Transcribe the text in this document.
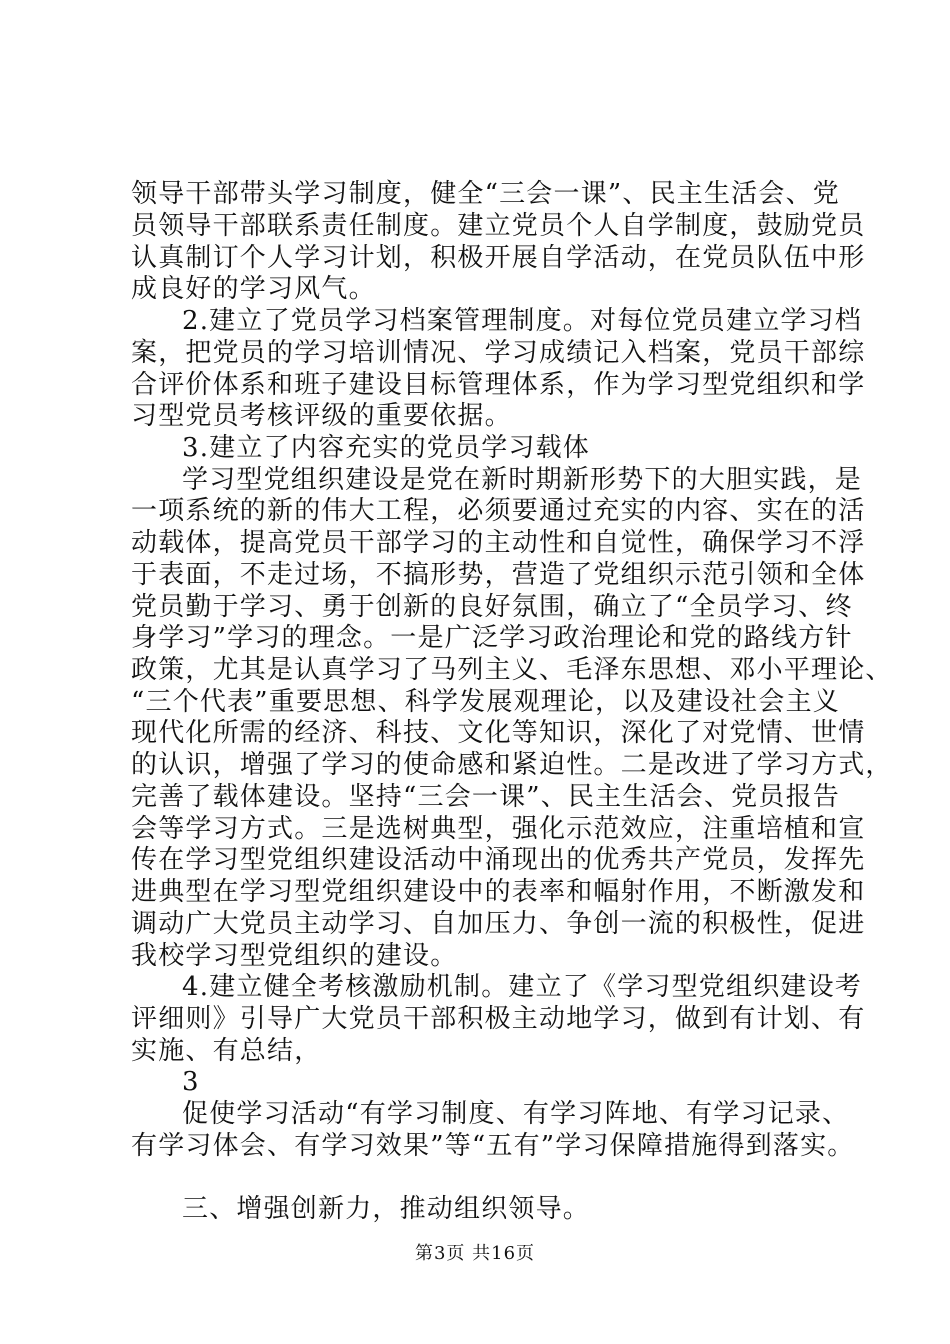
领导干部带头学习制度，健全“三会一课”、民主生活会、党
员领导干部联系责任制度。建立党员个人自学制度，鼓励党员
认真制订个人学习计划，积极开展自学活动，在党员队伍中形
成良好的学习风气。
2.建立了党员学习档案管理制度。对每位党员建立学习档
案，把党员的学习培训情况、学习成绩记入档案，党员干部综
合评价体系和班子建设目标管理体系，作为学习型党组织和学
习型党员考核评级的重要依据。
3.建立了内容充实的党员学习载体
学习型党组织建设是党在新时期新形势下的大胆实践，是
一项系统的新的伟大工程，必须要通过充实的内容、实在的活
动载体，提高党员干部学习的主动性和自觉性，确保学习不浮
于表面，不走过场，不搞形势，营造了党组织示范引领和全体
党员勤于学习、勇于创新的良好氛围，确立了“全员学习、终
身学习”学习的理念。一是广泛学习政治理论和党的路线方针
政策，尤其是认真学习了马列主义、毛泽东思想、邓小平理论、
“三个代表”重要思想、科学发展观理论，以及建设社会主义
现代化所需的经济、科技、文化等知识，深化了对党情、世情
的认识，增强了学习的使命感和紧迫性。二是改进了学习方式，
完善了载体建设。坚持“三会一课”、民主生活会、党员报告
会等学习方式。三是选树典型，强化示范效应，注重培植和宣
传在学习型党组织建设活动中涌现出的优秀共产党员，发挥先
进典型在学习型党组织建设中的表率和幅射作用，不断激发和
调动广大党员主动学习、自加压力、争创一流的积极性，促进
我校学习型党组织的建设。
4.建立健全考核激励机制。建立了《学习型党组织建设考
评细则》引导广大党员干部积极主动地学习，做到有计划、有
实施、有总结，
3
促使学习活动“有学习制度、有学习阵地、有学习记录、
有学习体会、有学习效果”等“五有”学习保障措施得到落实。
三、增强创新力，推动组织领导。
第3页 共16页
